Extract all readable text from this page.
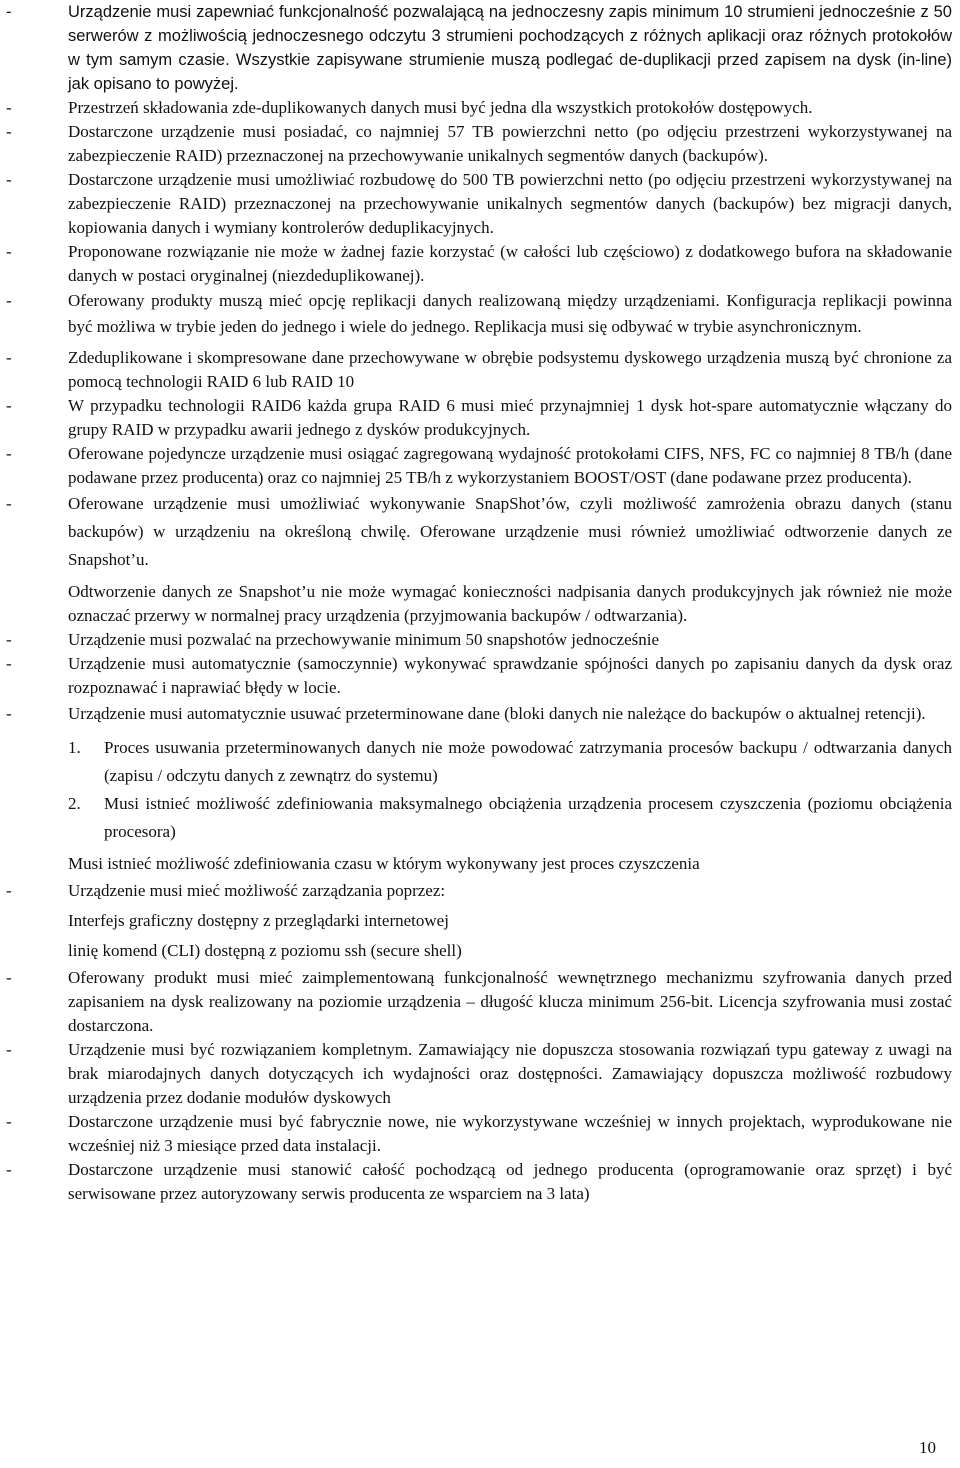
-	Urządzenie musi zapewniać funkcjonalność pozwalającą na jednoczesny zapis minimum 10 strumieni jednocześnie z 50 serwerów z możliwością jednoczesnego odczytu 3 strumieni pochodzących z różnych aplikacji oraz różnych protokołów w tym samym czasie. Wszystkie zapisywane strumienie muszą podlegać de-duplikacji przed zapisem na dysk (in-line) jak opisano to powyżej.
-	Przestrzeń składowania zde-duplikowanych danych musi być jedna dla wszystkich protokołów dostępowych.
-	Dostarczone urządzenie musi posiadać, co najmniej 57 TB powierzchni netto (po odjęciu przestrzeni wykorzystywanej na zabezpieczenie RAID) przeznaczonej na przechowywanie unikalnych segmentów danych (backupów).
-	Dostarczone urządzenie musi umożliwiać rozbudowę do 500 TB powierzchni netto (po odjęciu przestrzeni wykorzystywanej na zabezpieczenie RAID) przeznaczonej na przechowywanie unikalnych segmentów danych (backupów) bez migracji danych, kopiowania danych i wymiany kontrolerów deduplikacyjnych.
-	Proponowane rozwiązanie nie może w żadnej fazie korzystać (w całości lub częściowo) z dodatkowego bufora na składowanie danych w postaci oryginalnej (niezdeduplikowanej).
-	Oferowany produkty muszą mieć opcję replikacji danych realizowaną między urządzeniami. Konfiguracja replikacji powinna być możliwa w trybie jeden do jednego i wiele do jednego. Replikacja musi się odbywać w trybie asynchronicznym.
-	Zdeduplikowane i skompresowane dane przechowywane w obrębie podsystemu dyskowego urządzenia muszą być chronione za pomocą technologii RAID 6 lub RAID 10
-	W przypadku technologii RAID6 każda grupa RAID 6 musi mieć przynajmniej 1 dysk hot-spare automatycznie włączany do grupy RAID w przypadku awarii jednego z dysków produkcyjnych.
-	Oferowane pojedyncze urządzenie musi osiągać zagregowaną wydajność protokołami CIFS, NFS, FC co najmniej 8 TB/h (dane podawane przez producenta) oraz co najmniej 25 TB/h z wykorzystaniem BOOST/OST (dane podawane przez producenta).
-	Oferowane urządzenie musi umożliwiać wykonywanie SnapShot’ów, czyli możliwość zamrożenia obrazu danych (stanu backupów) w urządzeniu na określoną chwilę. Oferowane urządzenie musi również umożliwiać odtworzenie danych ze Snapshot’u.
Odtworzenie danych ze Snapshot’u nie może wymagać konieczności nadpisania danych produkcyjnych jak również nie może oznaczać przerwy w normalnej pracy urządzenia (przyjmowania backupów / odtwarzania).
-	Urządzenie musi pozwalać na przechowywanie minimum 50 snapshotów jednocześnie
-	Urządzenie musi automatycznie (samoczynnie) wykonywać sprawdzanie spójności danych po zapisaniu danych da dysk oraz rozpoznawać i naprawiać błędy w locie.
-	Urządzenie musi automatycznie usuwać przeterminowane dane (bloki danych nie należące do backupów o aktualnej retencji).
1. Proces usuwania przeterminowanych danych nie może powodować zatrzymania procesów backupu / odtwarzania danych (zapisu / odczytu danych z zewnątrz do systemu)
2. Musi istnieć możliwość zdefiniowania maksymalnego obciążenia urządzenia procesem czyszczenia (poziomu obciążenia procesora)

Musi istnieć możliwość zdefiniowania czasu w którym wykonywany jest proces czyszczenia

-	Urządzenie musi mieć możliwość zarządzania poprzez:

Interfejs graficzny dostępny z przeglądarki internetowej

linię komend (CLI) dostępną z poziomu ssh (secure shell)

-	Oferowany produkt musi mieć zaimplementowaną funkcjonalność wewnętrznego mechanizmu szyfrowania danych przed zapisaniem na dysk realizowany na poziomie urządzenia – długość klucza minimum 256-bit. Licencja szyfrowania musi zostać dostarczona.
-	Urządzenie musi być rozwiązaniem kompletnym. Zamawiający nie dopuszcza stosowania rozwiązań typu gateway z uwagi na brak miarodajnych danych dotyczących ich wydajności oraz dostępności. Zamawiający dopuszcza możliwość rozbudowy urządzenia przez dodanie modułów dyskowych
-	Dostarczone urządzenie musi być fabrycznie nowe, nie wykorzystywane wcześniej w innych projektach, wyprodukowane nie wcześniej niż 3 miesiące przed data instalacji.
-	Dostarczone urządzenie musi stanowić całość pochodzącą od jednego producenta (oprogramowanie oraz sprzęt) i być serwisowane przez autoryzowany serwis producenta ze wsparciem na 3 lata)
10
